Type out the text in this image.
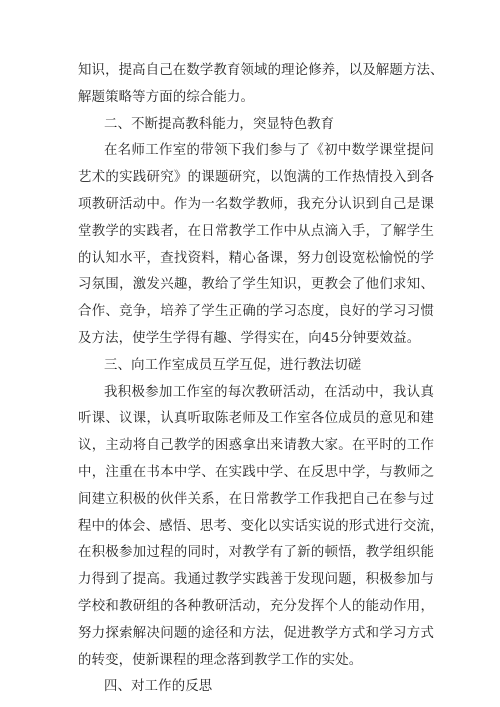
知识，提高自己在数学教育领域的理论修养，以及解题方法、
解题策略等方面的综合能力。
二、不断提高教科能力，突显特色教育
在名师工作室的带领下我们参与了《初中数学课堂提问
艺术的实践研究》的课题研究，以饱满的工作热情投入到各
项教研活动中。作为一名数学教师，我充分认识到自己是课
堂教学的实践者，在日常教学工作中从点滴入手，了解学生
的认知水平，查找资料，精心备课，努力创设宽松愉悦的学
习氛围，激发兴趣，教给了学生知识，更教会了他们求知、
合作、竞争，培养了学生正确的学习态度，良好的学习习惯
及方法，使学生学得有趣、学得实在，向45分钟要效益。
三、向工作室成员互学互促，进行教法切磋
我积极参加工作室的每次教研活动，在活动中，我认真
听课、议课，认真听取陈老师及工作室各位成员的意见和建
议，主动将自己教学的困惑拿出来请教大家。在平时的工作
中，注重在书本中学、在实践中学、在反思中学，与教师之
间建立积极的伙伴关系，在日常教学工作我把自己在参与过
程中的体会、感悟、思考、变化以实话实说的形式进行交流，
在积极参加过程的同时，对教学有了新的顿悟，教学组织能
力得到了提高。我通过教学实践善于发现问题，积极参加与
学校和教研组的各种教研活动，充分发挥个人的能动作用，
努力探索解决问题的途径和方法，促进教学方式和学习方式
的转变，使新课程的理念落到教学工作的实处。
四、对工作的反思
